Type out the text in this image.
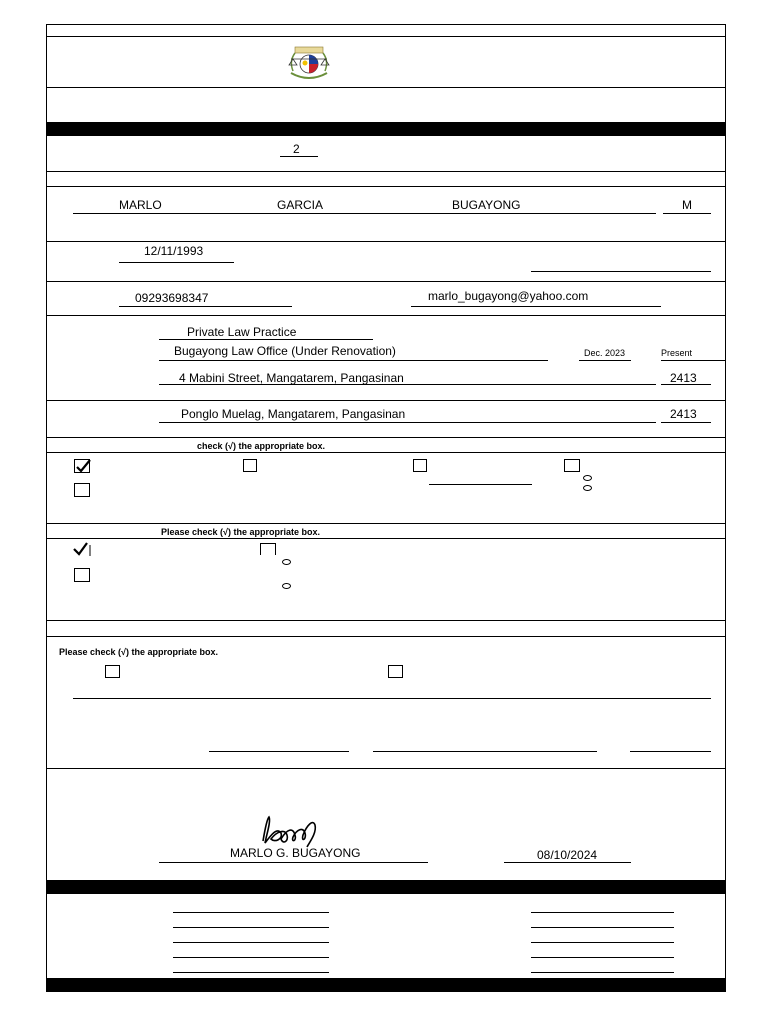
2
MARLO	GARCIA	BUGAYONG	M
12/11/1993
09293698347	marlo_bugayong@yahoo.com
Private Law Practice
Bugayong Law Office (Under Renovation)	Dec. 2023	Present
4 Mabini Street, Mangatarem, Pangasinan	2413
Ponglo Muelag, Mangatarem, Pangasinan	2413
check (√) the appropriate box.
Please check (√) the appropriate box.
Please check (√) the appropriate box.
MARLO G. BUGAYONG	08/10/2024
